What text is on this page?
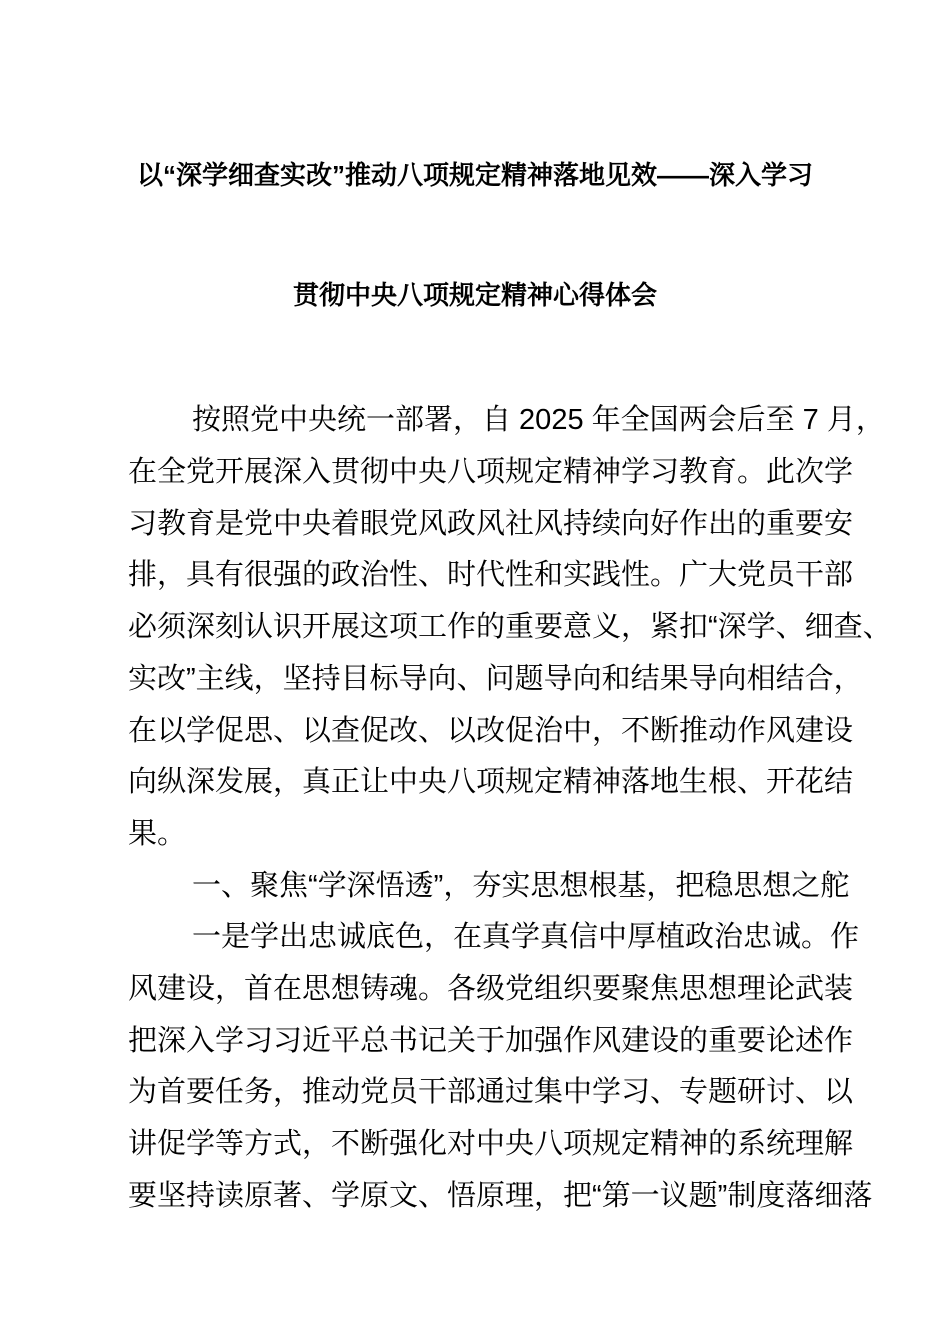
以“深学细查实改”推动八项规定精神落地见效——深入学习
贯彻中央八项规定精神心得体会
按照党中央统一部署，自 2025 年全国两会后至 7 月，
在全党开展深入贯彻中央八项规定精神学习教育。此次学
习教育是党中央着眼党风政风社风持续向好作出的重要安
排，具有很强的政治性、时代性和实践性。广大党员干部
必须深刻认识开展这项工作的重要意义，紧扣“深学、细查、
实改”主线，坚持目标导向、问题导向和结果导向相结合，
在以学促思、以查促改、以改促治中，不断推动作风建设
向纵深发展，真正让中央八项规定精神落地生根、开花结
果。
一、聚焦“学深悟透”，夯实思想根基，把稳思想之舵
一是学出忠诚底色，在真学真信中厚植政治忠诚。作
风建设，首在思想铸魂。各级党组织要聚焦思想理论武装
把深入学习习近平总书记关于加强作风建设的重要论述作
为首要任务，推动党员干部通过集中学习、专题研讨、以
讲促学等方式，不断强化对中央八项规定精神的系统理解
要坚持读原著、学原文、悟原理，把“第一议题”制度落细落
